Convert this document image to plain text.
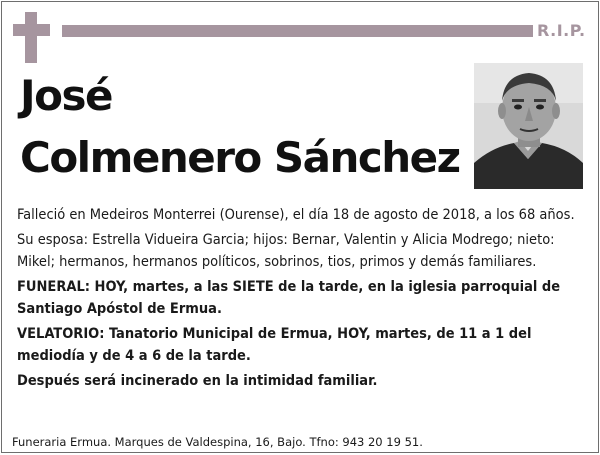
R.I.P.
José
Colmenero Sánchez

Falleció en Medeiros Monterrei (Ourense), el día 18 de agosto de 2018, a los 68 años.

Su esposa: Estrella Vidueira Garcia; hijos: Bernar, Valentin y Alicia Modrego; nieto: Mikel; hermanos, hermanos políticos, sobrinos, tios, primos y demás familiares.

FUNERAL: HOY, martes, a las SIETE de la tarde, en la iglesia parroquial de Santiago Apóstol de Ermua.

VELATORIO: Tanatorio Municipal de Ermua, HOY, martes, de 11 a 1 del mediodía y de 4 a 6 de la tarde.

Después será incinerado en la intimidad familiar.

Funeraria Ermua. Marques de Valdespina, 16, Bajo. Tfno: 943 20 19 51.
